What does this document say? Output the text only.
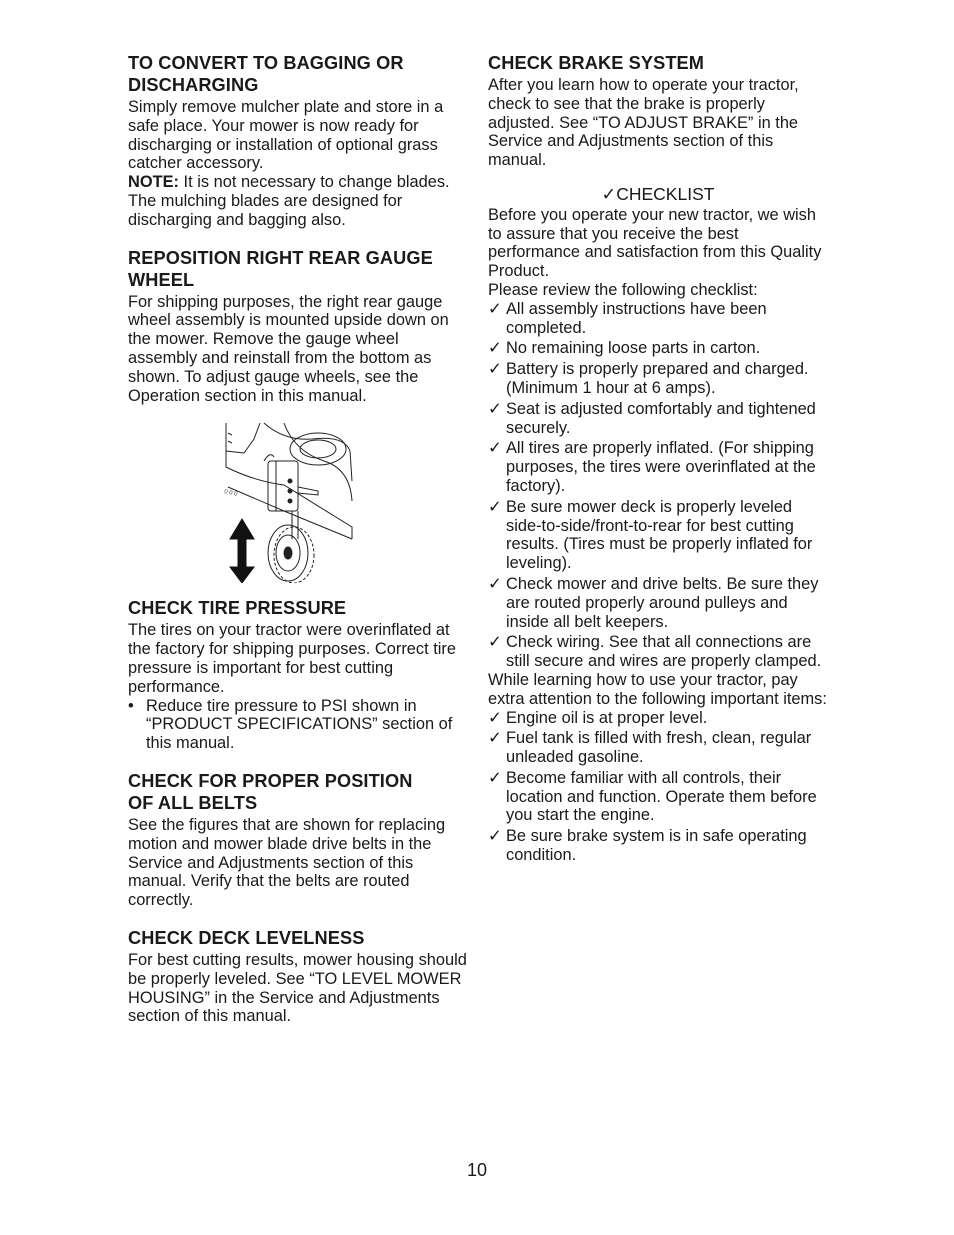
TO CONVERT TO BAGGING OR
DISCHARGING

Simply remove mulcher plate and store in a safe place. Your mower is now ready for discharging or installation of optional grass catcher accessory.

NOTE: It is not necessary to change blades. The mulching blades are designed for discharging and bagging also.

REPOSITION RIGHT REAR GAUGE
WHEEL

For shipping purposes, the right rear gauge wheel assembly is mounted upside down on the mower. Remove the gauge wheel assembly and reinstall from the bottom as shown. To adjust gauge wheels, see the Operation section in this manual.

0 0 0
CHECK TIRE PRESSURE

The tires on your tractor were overinflated at the factory for shipping purposes. Correct tire pressure is important for best cutting performance.

• Reduce tire pressure to PSI shown in “PRODUCT SPECIFICATIONS” section of this manual.
CHECK FOR PROPER POSITION
OF ALL BELTS

See the figures that are shown for replacing motion and mower blade drive belts in the Service and Adjustments section of this manual. Verify that the belts are routed correctly.

CHECK DECK LEVELNESS

For best cutting results, mower housing should be properly leveled. See “TO LEVEL MOWER HOUSING” in the Service and Adjustments section of this manual.

CHECK BRAKE SYSTEM

After you learn how to operate your tractor, check to see that the brake is properly adjusted. See “TO ADJUST BRAKE” in the Service and Adjustments section of this manual.

✓CHECKLIST

Before you operate your new tractor, we wish to assure that you receive the best performance and satisfaction from this Quality Product.

Please review the following checklist:

✓ All assembly instructions have been completed.
✓ No remaining loose parts in carton.
✓ Battery is properly prepared and charged. (Minimum 1 hour at 6 amps).
✓ Seat is adjusted comfortably and tightened securely.
✓ All tires are properly inflated. (For shipping purposes, the tires were overinflated at the factory).
✓ Be sure mower deck is properly leveled side-to-side/front-to-rear for best cutting results. (Tires must be properly inflated for leveling).
✓ Check mower and drive belts. Be sure they are routed properly around pulleys and inside all belt keepers.
✓ Check wiring. See that all connections are still secure and wires are properly clamped.

While learning how to use your tractor, pay extra attention to the following important items:

✓ Engine oil is at proper level.
✓ Fuel tank is filled with fresh, clean, regular unleaded gasoline.
✓ Become familiar with all controls, their location and function. Operate them before you start the engine.
✓ Be sure brake system is in safe operating condition.
10
